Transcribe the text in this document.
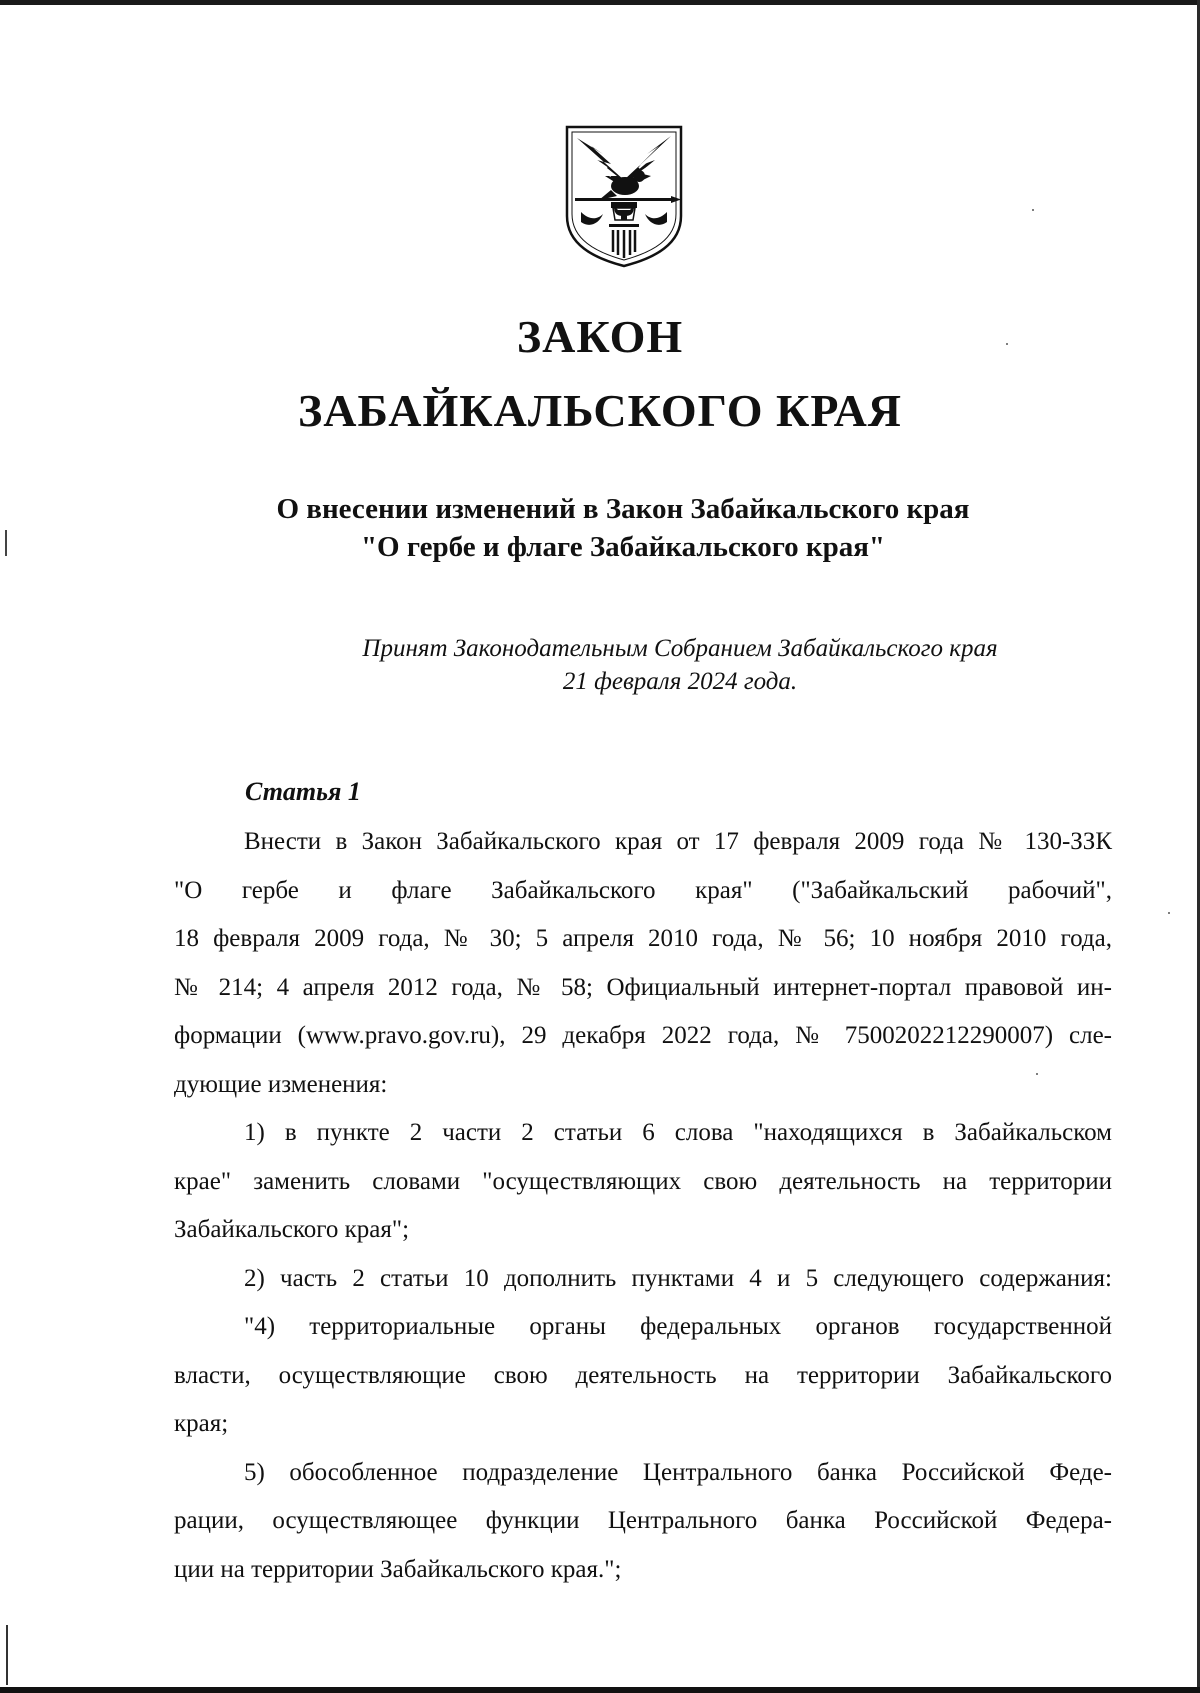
ЗАКОН
ЗАБАЙКАЛЬСКОГО КРАЯ

О внесении изменений в Закон Забайкальского края

"О гербе и флаге Забайкальского края"

Принят Законодательным Собранием Забайкальского края

21 февраля 2024 года.

Статья 1

Внести в Закон Забайкальского края от 17 февраля 2009 года № 130-ЗЗК
"О гербе и флаге Забайкальского края" ("Забайкальский рабочий",
18 февраля 2009 года, № 30; 5 апреля 2010 года, № 56; 10 ноября 2010 года,
№ 214; 4 апреля 2012 года, № 58; Официальный интернет-портал правовой ин-
формации (www.pravo.gov.ru), 29 декабря 2022 года, № 7500202212290007) сле-
дующие изменения:
1) в пункте 2 части 2 статьи 6 слова "находящихся в Забайкальском
крае" заменить словами "осуществляющих свою деятельность на территории
Забайкальского края";
2) часть 2 статьи 10 дополнить пунктами 4 и 5 следующего содержания:
"4) территориальные органы федеральных органов государственной
власти, осуществляющие свою деятельность на территории Забайкальского
края;
5) обособленное подразделение Центрального банка Российской Феде-
рации, осуществляющее функции Центрального банка Российской Федера-
ции на территории Забайкальского края.";
